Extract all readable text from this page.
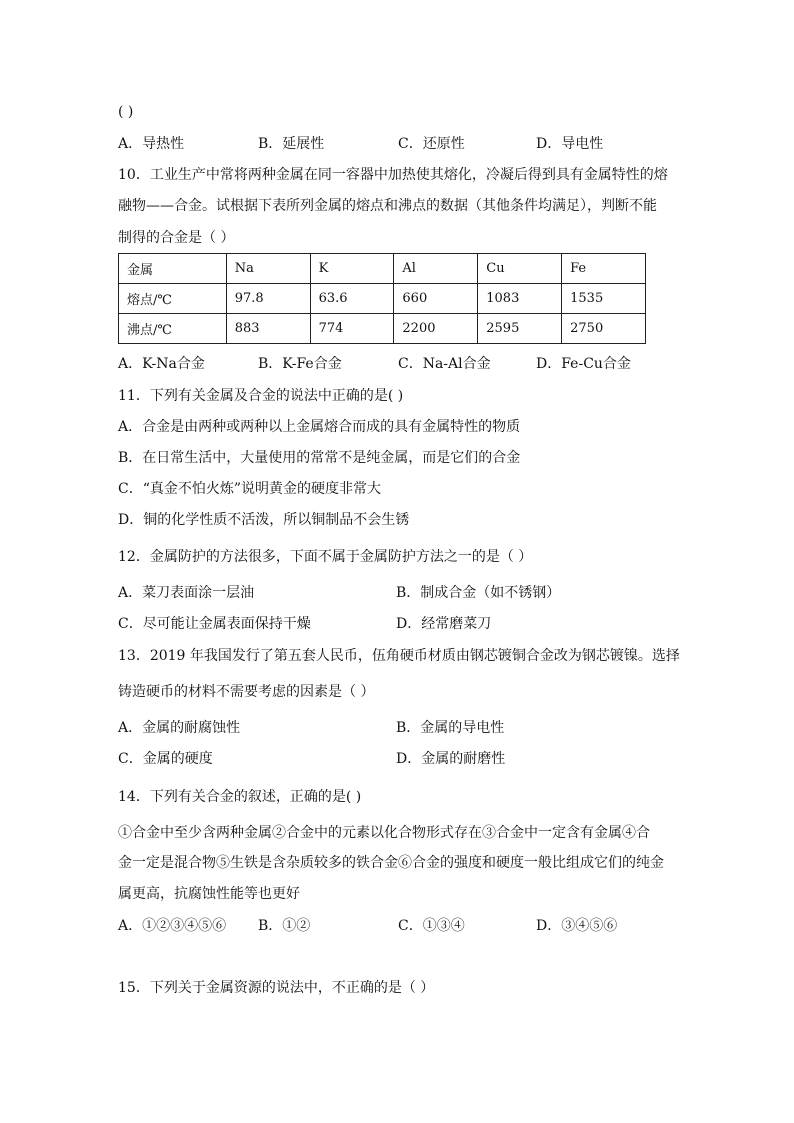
( )
A．导热性	B．延展性	C．还原性	D．导电性
10．工业生产中常将两种金属在同一容器中加热使其熔化，冷凝后得到具有金属特性的熔
融物——合金。试根据下表所列金属的熔点和沸点的数据（其他条件均满足），判断不能
制得的合金是（ ）
金属	Na	K	Al	Cu	Fe
熔点/℃	97.8	63.6	660	1083	1535
沸点/℃	883	774	2200	2595	2750
A．K-Na合金	B．K-Fe合金	C．Na-Al合金	D．Fe-Cu合金
11．下列有关金属及合金的说法中正确的是( )
A．合金是由两种或两种以上金属熔合而成的具有金属特性的物质
B．在日常生活中，大量使用的常常不是纯金属，而是它们的合金
C．“真金不怕火炼”说明黄金的硬度非常大
D．铜的化学性质不活泼，所以铜制品不会生锈
12．金属防护的方法很多，下面不属于金属防护方法之一的是（ ）
A．菜刀表面涂一层油	B．制成合金（如不锈钢）
C．尽可能让金属表面保持干燥	D．经常磨菜刀
13．2019 年我国发行了第五套人民币，伍角硬币材质由钢芯镀铜合金改为钢芯镀镍。选择
铸造硬币的材料不需要考虑的因素是（ ）
A．金属的耐腐蚀性	B．金属的导电性
C．金属的硬度	D．金属的耐磨性
14．下列有关合金的叙述，正确的是( )
①合金中至少含两种金属②合金中的元素以化合物形式存在③合金中一定含有金属④合
金一定是混合物⑤生铁是含杂质较多的铁合金⑥合金的强度和硬度一般比组成它们的纯金
属更高，抗腐蚀性能等也更好
A．①②③④⑤⑥ B．①②	C．①③④	D．③④⑤⑥
15．下列关于金属资源的说法中，不正确的是（ ）
